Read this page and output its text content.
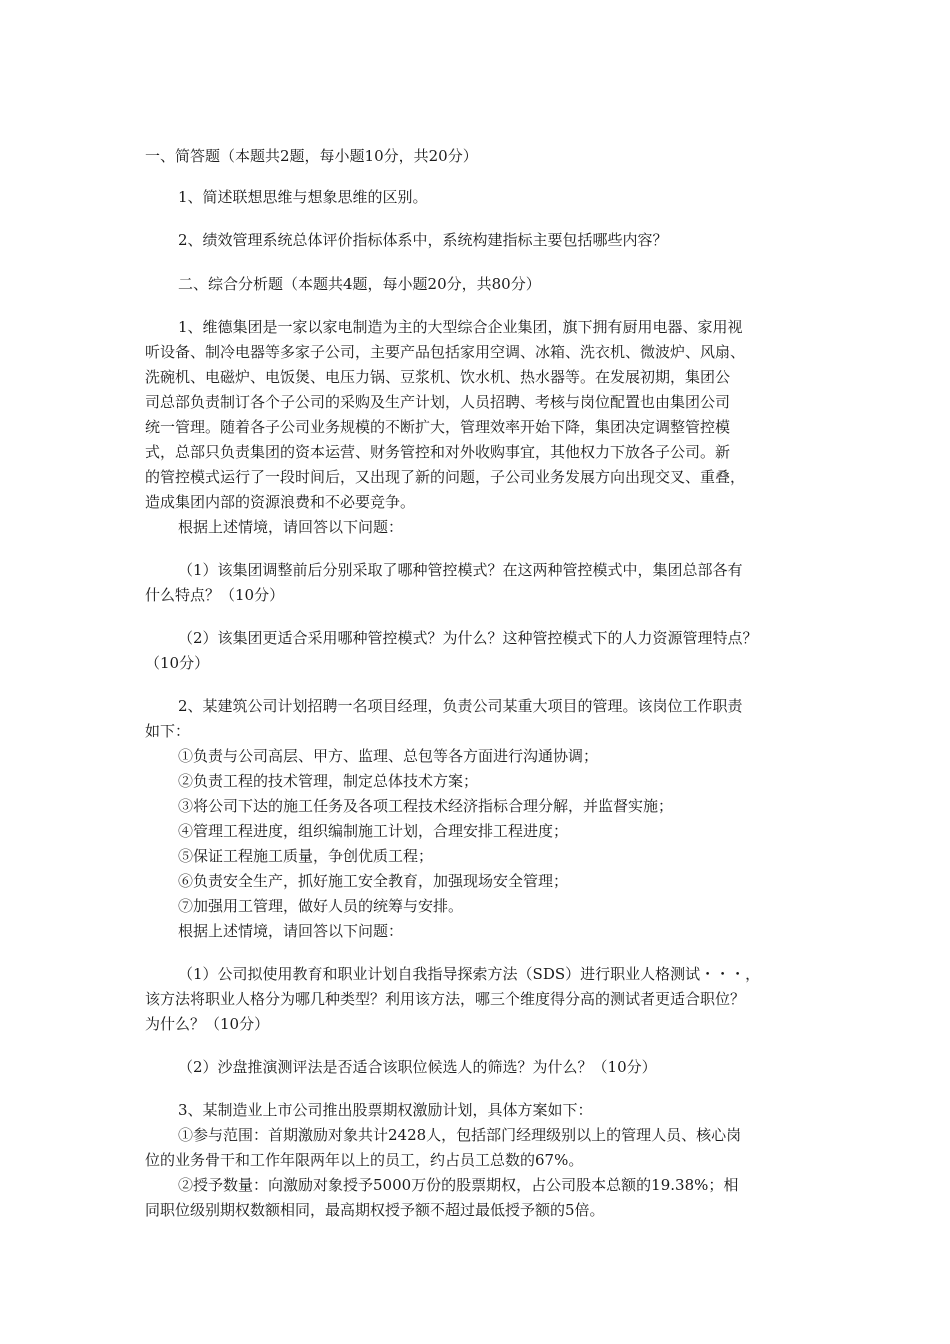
一、简答题（本题共2题，每小题10分，共20分）
1、简述联想思维与想象思维的区别。
2、绩效管理系统总体评价指标体系中，系统构建指标主要包括哪些内容？
二、综合分析题（本题共4题，每小题20分，共80分）
1、维德集团是一家以家电制造为主的大型综合企业集团，旗下拥有厨用电器、家用视
听设备、制冷电器等多家子公司，主要产品包括家用空调、冰箱、洗衣机、微波炉、风扇、
洗碗机、电磁炉、电饭煲、电压力锅、豆浆机、饮水机、热水器等。在发展初期，集团公
司总部负责制订各个子公司的采购及生产计划，人员招聘、考核与岗位配置也由集团公司
统一管理。随着各子公司业务规模的不断扩大，管理效率开始下降，集团决定调整管控模
式，总部只负责集团的资本运营、财务管控和对外收购事宜，其他权力下放各子公司。新
的管控模式运行了一段时间后，又出现了新的问题，子公司业务发展方向出现交叉、重叠，
造成集团内部的资源浪费和不必要竞争。
根据上述情境，请回答以下问题：
（1）该集团调整前后分别采取了哪种管控模式？在这两种管控模式中，集团总部各有
什么特点？（10分）
（2）该集团更适合采用哪种管控模式？为什么？这种管控模式下的人力资源管理特点？
（10分）
2、某建筑公司计划招聘一名项目经理，负责公司某重大项目的管理。该岗位工作职责
如下：
①负责与公司高层、甲方、监理、总包等各方面进行沟通协调；
②负责工程的技术管理，制定总体技术方案；
③将公司下达的施工任务及各项工程技术经济指标合理分解，并监督实施；
④管理工程进度，组织编制施工计划，合理安排工程进度；
⑤保证工程施工质量，争创优质工程；
⑥负责安全生产，抓好施工安全教育，加强现场安全管理；
⑦加强用工管理，做好人员的统筹与安排。
根据上述情境，请回答以下问题：
（1）公司拟使用教育和职业计划自我指导探索方法（SDS）进行职业人格测试・・・，
该方法将职业人格分为哪几种类型？利用该方法，哪三个维度得分高的测试者更适合职位？
为什么？（10分）
（2）沙盘推演测评法是否适合该职位候选人的筛选？为什么？（10分）
3、某制造业上市公司推出股票期权激励计划，具体方案如下：
①参与范围：首期激励对象共计2428人，包括部门经理级别以上的管理人员、核心岗
位的业务骨干和工作年限两年以上的员工，约占员工总数的67%。
②授予数量：向激励对象授予5000万份的股票期权，占公司股本总额的19.38%；相
同职位级别期权数额相同，最高期权授予额不超过最低授予额的5倍。
